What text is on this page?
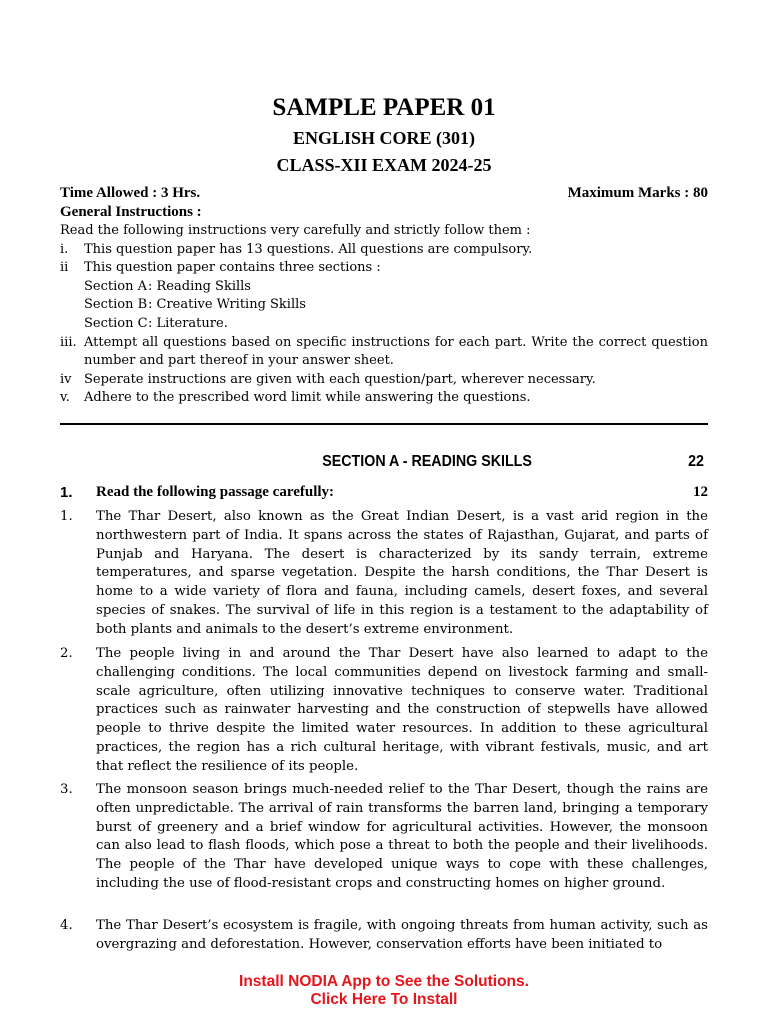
SAMPLE PAPER 01
ENGLISH CORE (301)
CLASS-XII EXAM 2024-25
Time Allowed : 3 Hrs.	Maximum Marks : 80
General Instructions :
Read the following instructions very carefully and strictly follow them :
i. This question paper has 13 questions. All questions are compulsory.
ii This question paper contains three sections :
Section A : Reading Skills
Section B : Creative Writing Skills
Section C : Literature.
iii. Attempt all questions based on specific instructions for each part. Write the correct question number and part thereof in your answer sheet.
iv Seperate instructions are given with each question/part, wherever necessary.
v. Adhere to the prescribed word limit while answering the questions.
SECTION A - READING SKILLS	22
1. Read the following passage carefully:	12
1. The Thar Desert, also known as the Great Indian Desert, is a vast arid region in the northwestern part of India. It spans across the states of Rajasthan, Gujarat, and parts of Punjab and Haryana. The desert is characterized by its sandy terrain, extreme temperatures, and sparse vegetation. Despite the harsh conditions, the Thar Desert is home to a wide variety of flora and fauna, including camels, desert foxes, and several species of snakes. The survival of life in this region is a testament to the adaptability of both plants and animals to the desert’s extreme environment.
2. The people living in and around the Thar Desert have also learned to adapt to the challenging conditions. The local communities depend on livestock farming and small-scale agriculture, often utilizing innovative techniques to conserve water. Traditional practices such as rainwater harvesting and the construction of stepwells have allowed people to thrive despite the limited water resources. In addition to these agricultural practices, the region has a rich cultural heritage, with vibrant festivals, music, and art that reflect the resilience of its people.
3. The monsoon season brings much-needed relief to the Thar Desert, though the rains are often unpredictable. The arrival of rain transforms the barren land, bringing a temporary burst of greenery and a brief window for agricultural activities. However, the monsoon can also lead to flash floods, which pose a threat to both the people and their livelihoods. The people of the Thar have developed unique ways to cope with these challenges, including the use of flood-resistant crops and constructing homes on higher ground.
4. The Thar Desert’s ecosystem is fragile, with ongoing threats from human activity, such as overgrazing and deforestation. However, conservation efforts have been initiated to
Install NODIA App to See the Solutions.
Click Here To Install
